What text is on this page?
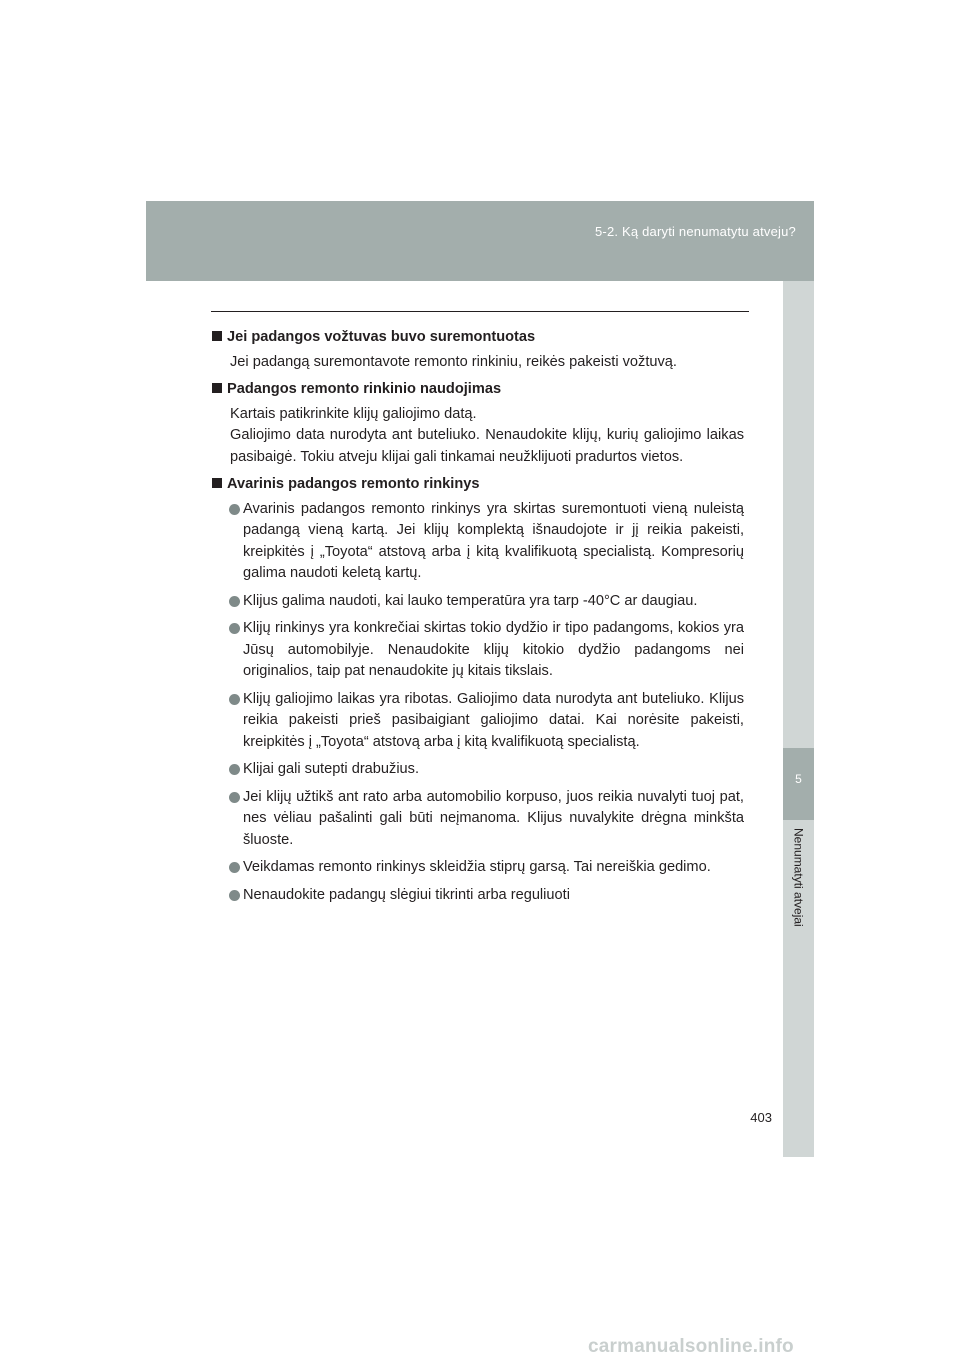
5-2. Ką daryti nenumatytu atveju?
5
Nenumatyti atvejai
Jei padangos vožtuvas buvo suremontuotas
Jei padangą suremontavote remonto rinkiniu, reikės pakeisti vožtuvą.
Padangos remonto rinkinio naudojimas
Kartais patikrinkite klijų galiojimo datą.
Galiojimo data nurodyta ant buteliuko. Nenaudokite klijų, kurių galiojimo laikas pasibaigė. Tokiu atveju klijai gali tinkamai neužklijuoti pradurtos vietos.
Avarinis padangos remonto rinkinys
Avarinis padangos remonto rinkinys yra skirtas suremontuoti vieną nuleistą padangą vieną kartą. Jei klijų komplektą išnaudojote ir jį reikia pakeisti, kreipkitės į „Toyota“ atstovą arba į kitą kvalifikuotą specialistą. Kompresorių galima naudoti keletą kartų.
Klijus galima naudoti, kai lauko temperatūra yra tarp -40°C ar daugiau.
Klijų rinkinys yra konkrečiai skirtas tokio dydžio ir tipo padangoms, kokios yra Jūsų automobilyje. Nenaudokite klijų kitokio dydžio padangoms nei originalios, taip pat nenaudokite jų kitais tikslais.
Klijų galiojimo laikas yra ribotas. Galiojimo data nurodyta ant buteliuko. Klijus reikia pakeisti prieš pasibaigiant galiojimo datai. Kai norėsite pakeisti, kreipkitės į „Toyota“ atstovą arba į kitą kvalifikuotą specialistą.
Klijai gali sutepti drabužius.
Jei klijų užtikš ant rato arba automobilio korpuso, juos reikia nuvalyti tuoj pat, nes vėliau pašalinti gali būti neįmanoma. Klijus nuvalykite drėgna minkšta šluoste.
Veikdamas remonto rinkinys skleidžia stiprų garsą. Tai nereiškia gedimo.
Nenaudokite padangų slėgiui tikrinti arba reguliuoti
403
carmanualsonline.info
